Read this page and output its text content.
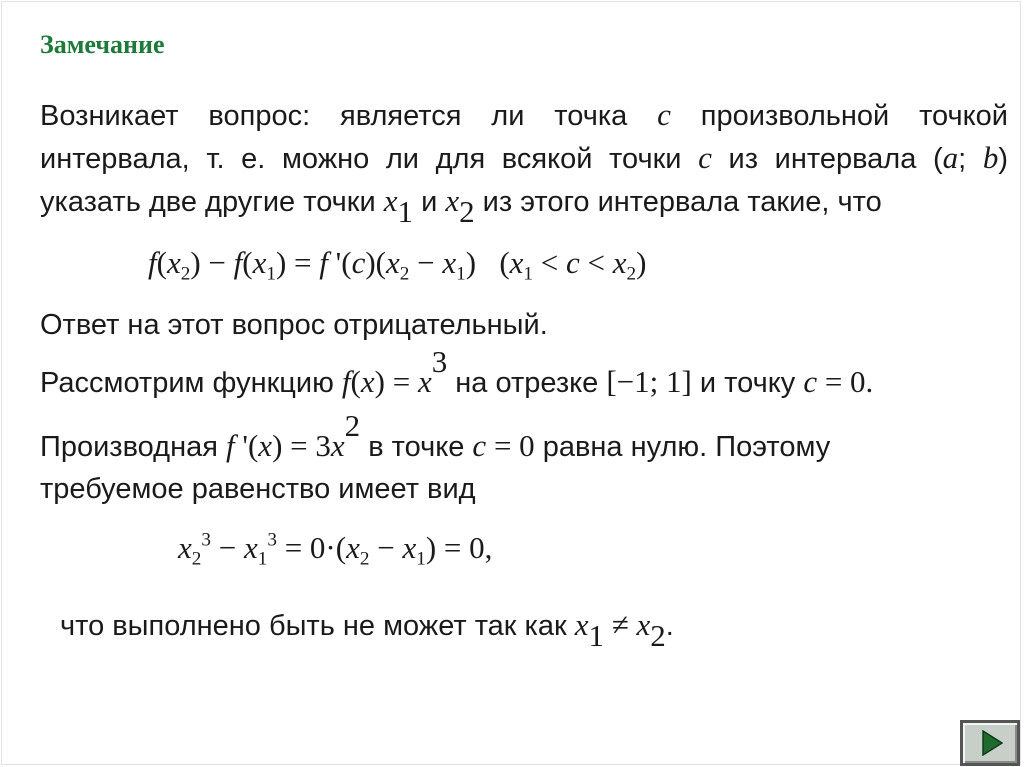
Замечание
Возникает вопрос: является ли точка c произвольной точкой
интервала, т. е. можно ли для всякой точки c из интервала (a; b)
указать две другие точки $x_1$ и $x_2$ из этого интервала такие, что
$f(x_2) - f(x_1) = f$ '$(c)(x_2 - x_1) (x_1 < c < x_2)$
Ответ на этот вопрос отрицательный.
Рассмотрим функцию $f(x) = x^3$ на отрезке [−1; 1] и точку c = 0.
Производная f '$(x) = 3x^2$ в точке c = 0 равна нулю. Поэтому
требуемое равенство имеет вид
$x_2^3 - x_1^3 = 0\cdot(x_2 - x_1) = 0$,
что выполнено быть не может так как $x_1 \ne x_2$.
